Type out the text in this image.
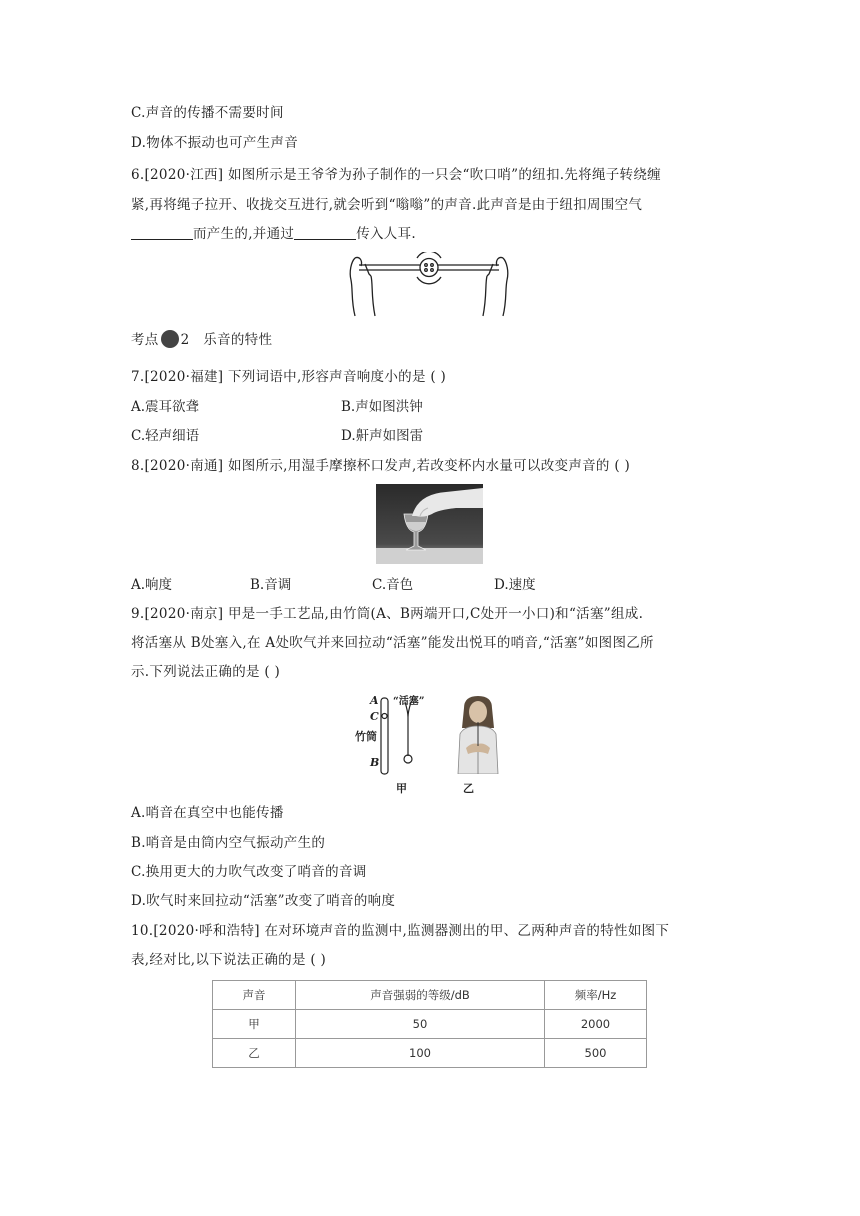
C.声音的传播不需要时间
D.物体不振动也可产生声音
6.[2020·江西] 如图所示是王爷爷为孙子制作的一只会“吹口哨”的纽扣.先将绳子转绕缠
紧,再将绳子拉开、收拢交互进行,就会听到“嗡嗡”的声音.此声音是由于纽扣周围空气
而产生的,并通过	传入人耳.
考点 2 乐音的特性
7.[2020·福建] 下列词语中,形容声音响度小的是 ( )
A.震耳欲聋	B.声如图洪钟
C.轻声细语	D.鼾声如图雷
8.[2020·南通] 如图所示,用湿手摩擦杯口发声,若改变杯内水量可以改变声音的 ( )
A.响度	B.音调	C.音色	D.速度
9.[2020·南京] 甲是一手工艺品,由竹筒(A、B两端开口,C处开一小口)和“活塞”组成.
将活塞从 B处塞入,在 A处吹气并来回拉动“活塞”能发出悦耳的哨音,“活塞”如图图乙所
示.下列说法正确的是 ( )
A
C
B
竹筒
“活塞”
甲	乙
A.哨音在真空中也能传播
B.哨音是由筒内空气振动产生的
C.换用更大的力吹气改变了哨音的音调
D.吹气时来回拉动“活塞”改变了哨音的响度
10.[2020·呼和浩特] 在对环境声音的监测中,监测器测出的甲、乙两种声音的特性如图下
表,经对比,以下说法正确的是 ( )
声音	声音强弱的等级/dB	频率/Hz
甲	50	2000
乙	100	500
